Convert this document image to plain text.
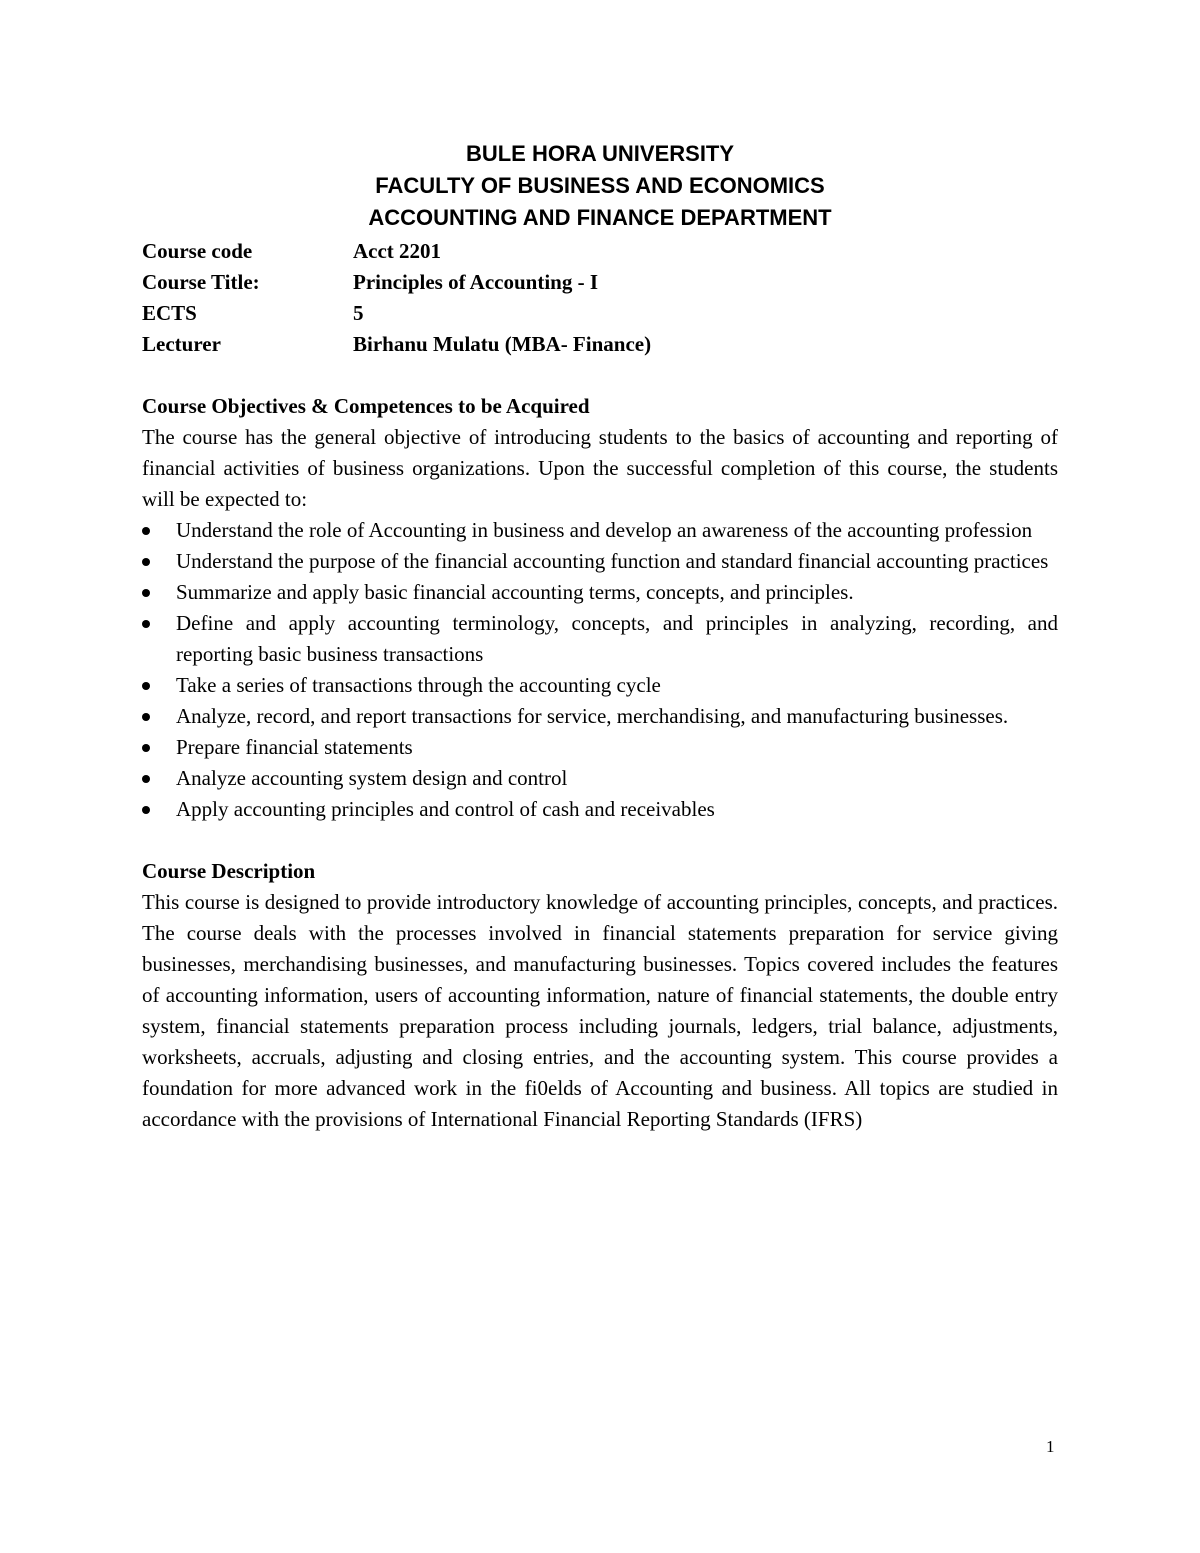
BULE HORA UNIVERSITY
FACULTY OF BUSINESS AND ECONOMICS
ACCOUNTING AND FINANCE DEPARTMENT
Course code	Acct 2201
Course Title:	Principles of Accounting - I
ECTS	5
Lecturer	Birhanu Mulatu (MBA- Finance)
Course Objectives & Competences to be Acquired

The course has the general objective of introducing students to the basics of accounting and reporting of financial activities of business organizations. Upon the successful completion of this course, the students will be expected to:

Understand the role of Accounting in business and develop an awareness of the accounting profession
Understand the purpose of the financial accounting function and standard financial accounting practices
Summarize and apply basic financial accounting terms, concepts, and principles.
Define and apply accounting terminology, concepts, and principles in analyzing, recording, and reporting basic business transactions
Take a series of transactions through the accounting cycle
Analyze, record, and report transactions for service, merchandising, and manufacturing businesses.
Prepare financial statements
Analyze accounting system design and control
Apply accounting principles and control of cash and receivables
Course Description

This course is designed to provide introductory knowledge of accounting principles, concepts, and practices. The course deals with the processes involved in financial statements preparation for service giving businesses, merchandising businesses, and manufacturing businesses. Topics covered includes the features of accounting information, users of accounting information, nature of financial statements, the double entry system, financial statements preparation process including journals, ledgers, trial balance, adjustments, worksheets, accruals, adjusting and closing entries, and the accounting system. This course provides a foundation for more advanced work in the fi0elds of Accounting and business. All topics are studied in accordance with the provisions of International Financial Reporting Standards (IFRS)

1
